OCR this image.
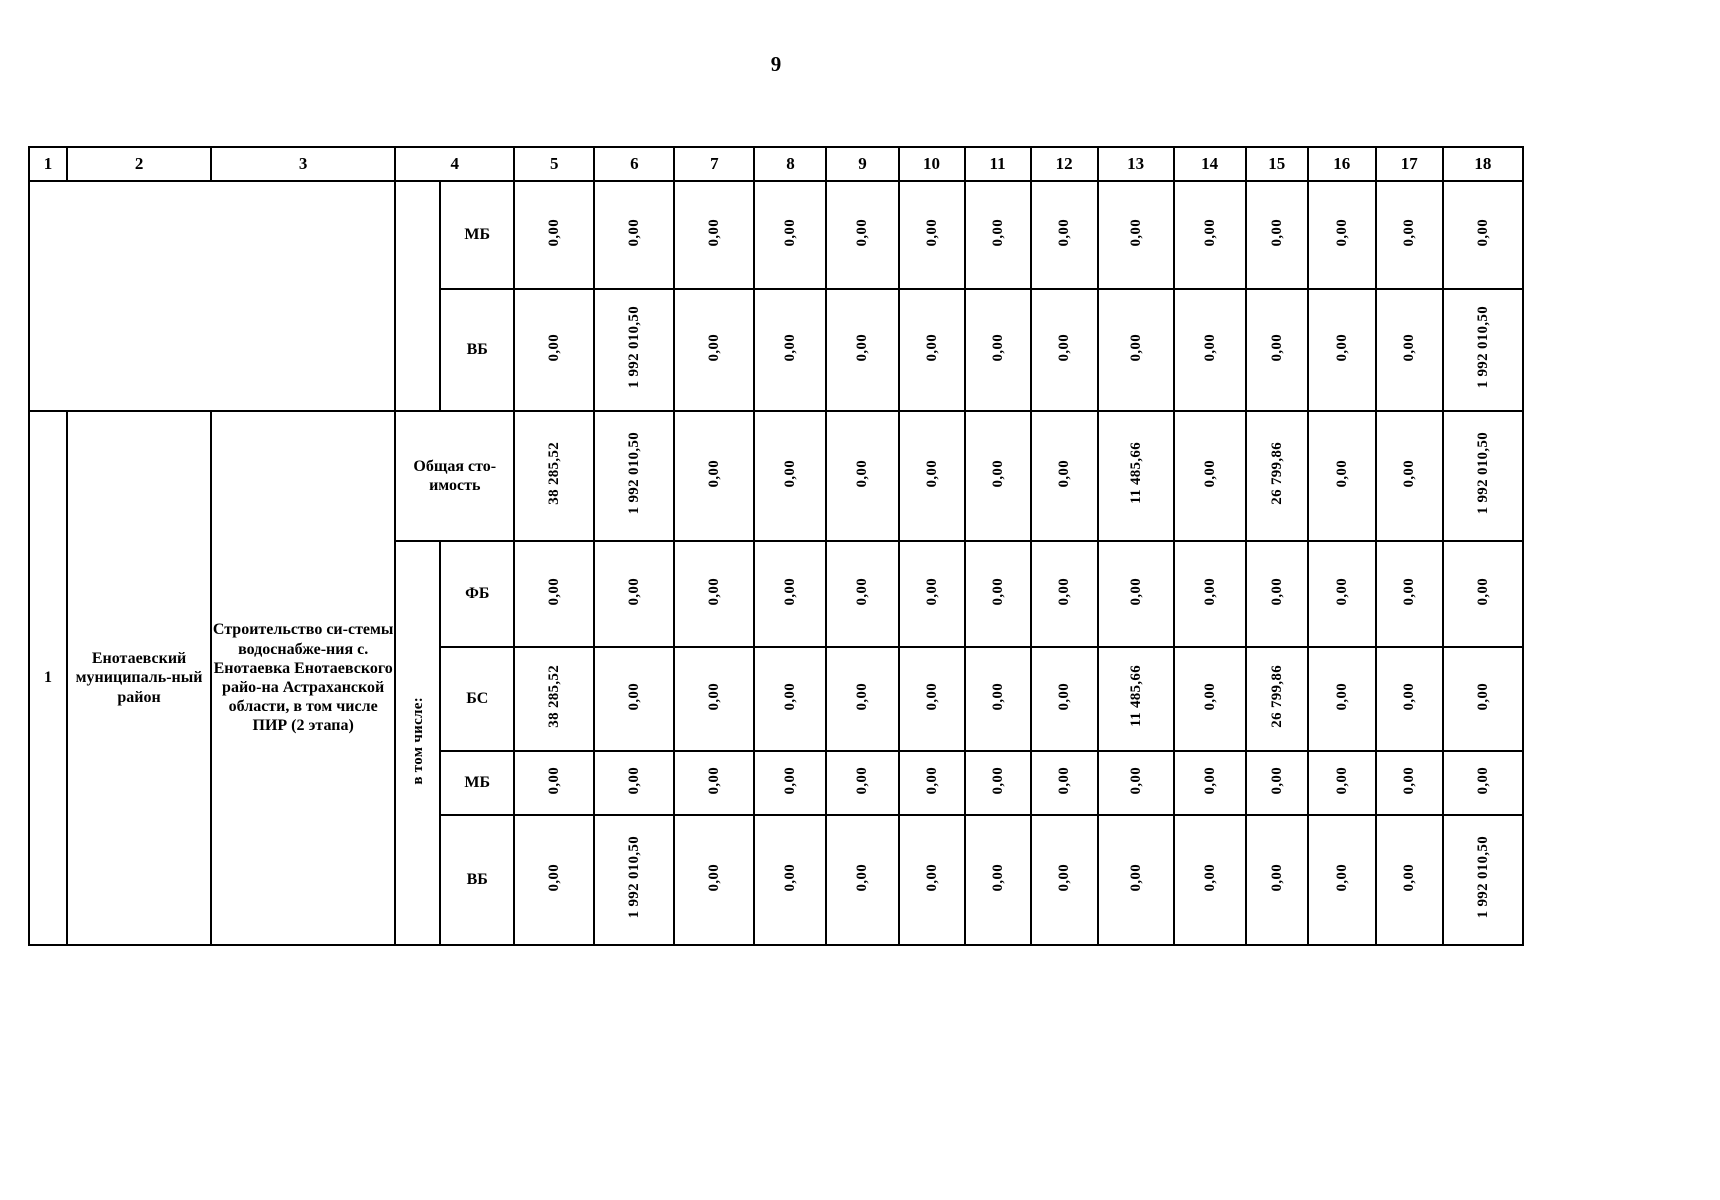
9
1	2	3	4		5	6	7	8	9	10	11	12	13	14	15	16	17	18
				МБ	0,00	0,00	0,00	0,00	0,00	0,00	0,00	0,00	0,00	0,00	0,00	0,00	0,00	0,00
				ВБ	0,00	1 992 010,50	0,00	0,00	0,00	0,00	0,00	0,00	0,00	0,00	0,00	0,00	0,00	1 992 010,50
1	Енотаевский муниципаль-ный район	Строительство си-стемы водоснабже-ния с. Енотаевка Енотаевского райо-на Астраханской области, в том числе ПИР (2 этапа)	Общая сто-имость		38 285,52	1 992 010,50	0,00	0,00	0,00	0,00	0,00	0,00	11 485,66	0,00	26 799,86	0,00	0,00	1 992 010,50
			в том числе:	ФБ	0,00	0,00	0,00	0,00	0,00	0,00	0,00	0,00	0,00	0,00	0,00	0,00	0,00	0,00
				БС	38 285,52	0,00	0,00	0,00	0,00	0,00	0,00	0,00	11 485,66	0,00	26 799,86	0,00	0,00	0,00
				МБ	0,00	0,00	0,00	0,00	0,00	0,00	0,00	0,00	0,00	0,00	0,00	0,00	0,00	0,00
				ВБ	0,00	1 992 010,50	0,00	0,00	0,00	0,00	0,00	0,00	0,00	0,00	0,00	0,00	0,00	1 992 010,50
